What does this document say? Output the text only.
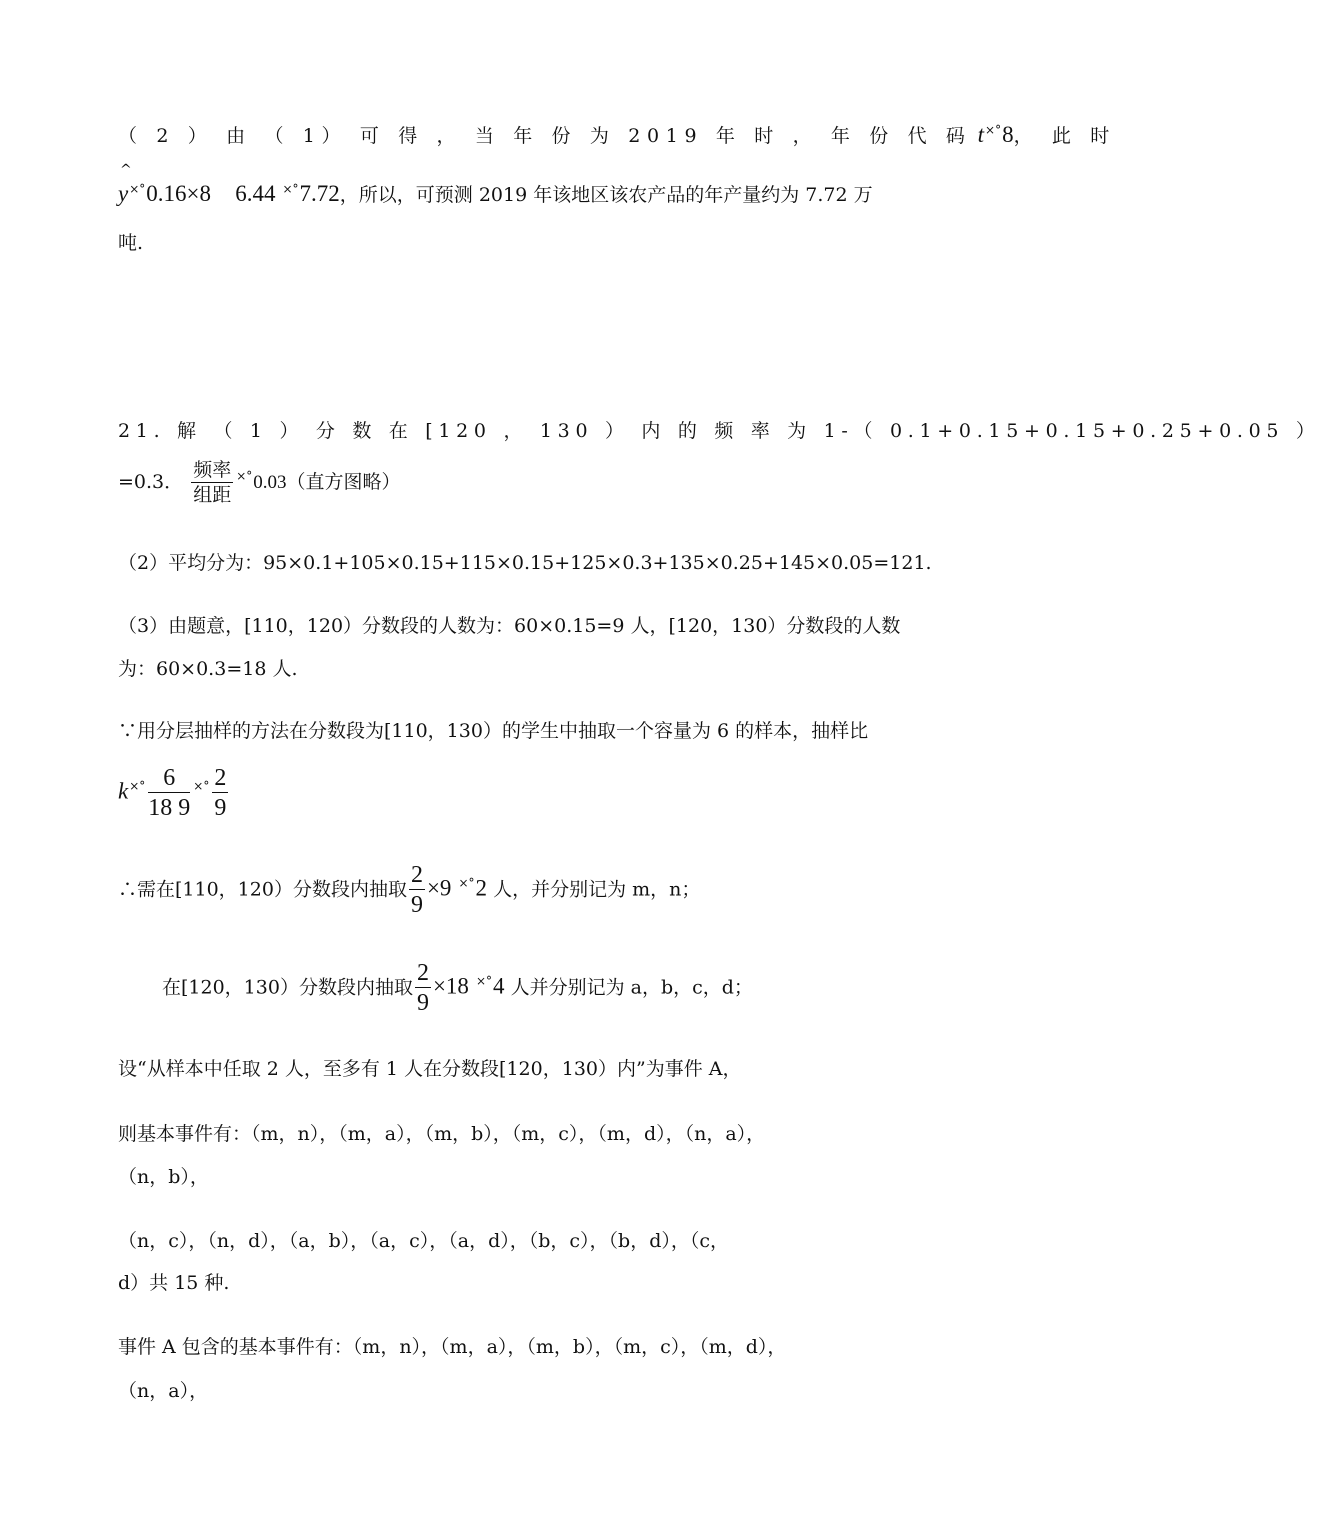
（ 2 ） 由 （ 1） 可 得 ， 当 年 份 为 2019 年 时 ， 年 份 代 码 t×°8， 此 时
^
y×°0.16×8 6.44 ×°7.72，所以，可预测 2019 年该地区该农产品的年产量约为 7.72 万
吨.
21. 解 （ 1 ） 分 数 在 [120 ， 130 ） 内 的 频 率 为 1-（ 0.1+0.15+0.15+0.25+0.05 ）
=0.3． $\frac{\text{频率}}{\text{组距}} ^{\times^\circ}0.03$（直方图略）
（2）平均分为：95×0.1+105×0.15+115×0.15+125×0.3+135×0.25+145×0.05=121.
（3）由题意，[110，120）分数段的人数为：60×0.15=9 人，[120，130）分数段的人数
为：60×0.3=18 人.
∵用分层抽样的方法在分数段为[110，130）的学生中抽取一个容量为 6 的样本，抽样比
$k^{\times^\circ} \frac{6}{18 9} ^{\times^\circ} \frac{2}{9}$
∴需在[110，120）分数段内抽取 $\frac{2}{9} \times 9$ ×°2 人，并分别记为 m，n；
在[120，130）分数段内抽取 $\frac{2}{9} \times 18$ ×°4 人并分别记为 a，b，c，d；
设“从样本中任取 2 人，至多有 1 人在分数段[120，130）内”为事件 A，
则基本事件有：（m，n），（m，a），（m，b），（m，c），（m，d），（n，a），
（n，b），
（n，c），（n，d），（a，b），（a，c），（a，d），（b，c），（b，d），（c，
d）共 15 种.
事件 A 包含的基本事件有：（m，n），（m，a），（m，b），（m，c），（m，d），
（n，a），
